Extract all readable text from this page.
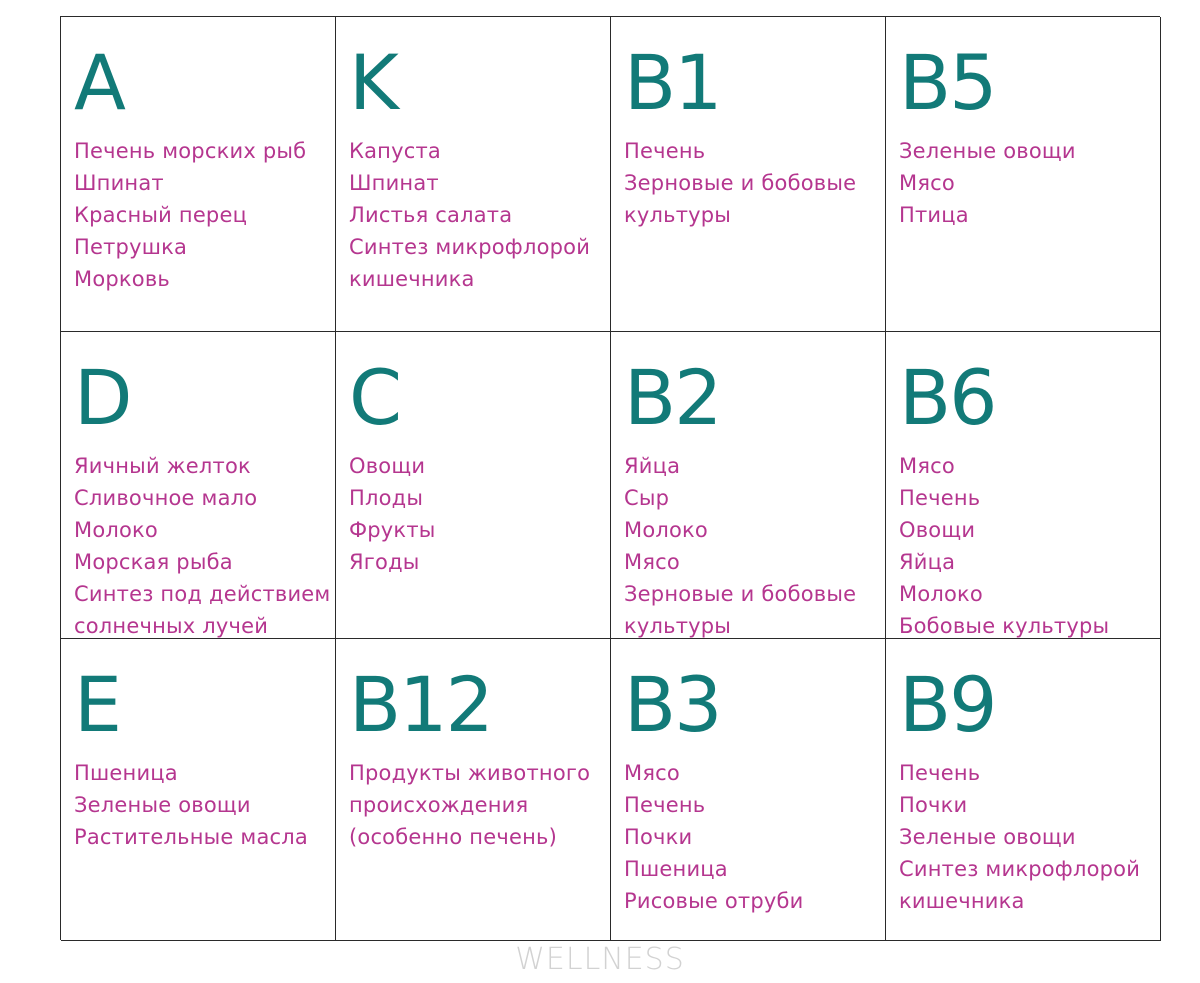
A
Печень морских рыб
Шпинат
Красный перец
Петрушка
Морковь
K
Капуста
Шпинат
Листья салата
Синтез микрофлорой
кишечника
B1
Печень
Зерновые и бобовые
культуры
B5
Зеленые овощи
Мясо
Птица
D
Яичный желток
Сливочное мало
Молоко
Морская рыба
Синтез под действием
солнечных лучей
C
Овощи
Плоды
Фрукты
Ягоды
B2
Яйца
Сыр
Молоко
Мясо
Зерновые и бобовые
культуры
B6
Мясо
Печень
Овощи
Яйца
Молоко
Бобовые культуры
E
Пшеница
Зеленые овощи
Растительные масла
B12
Продукты животного
происхождения
(особенно печень)
B3
Мясо
Печень
Почки
Пшеница
Рисовые отруби
B9
Печень
Почки
Зеленые овощи
Синтез микрофлорой
кишечника
WELLNESS
